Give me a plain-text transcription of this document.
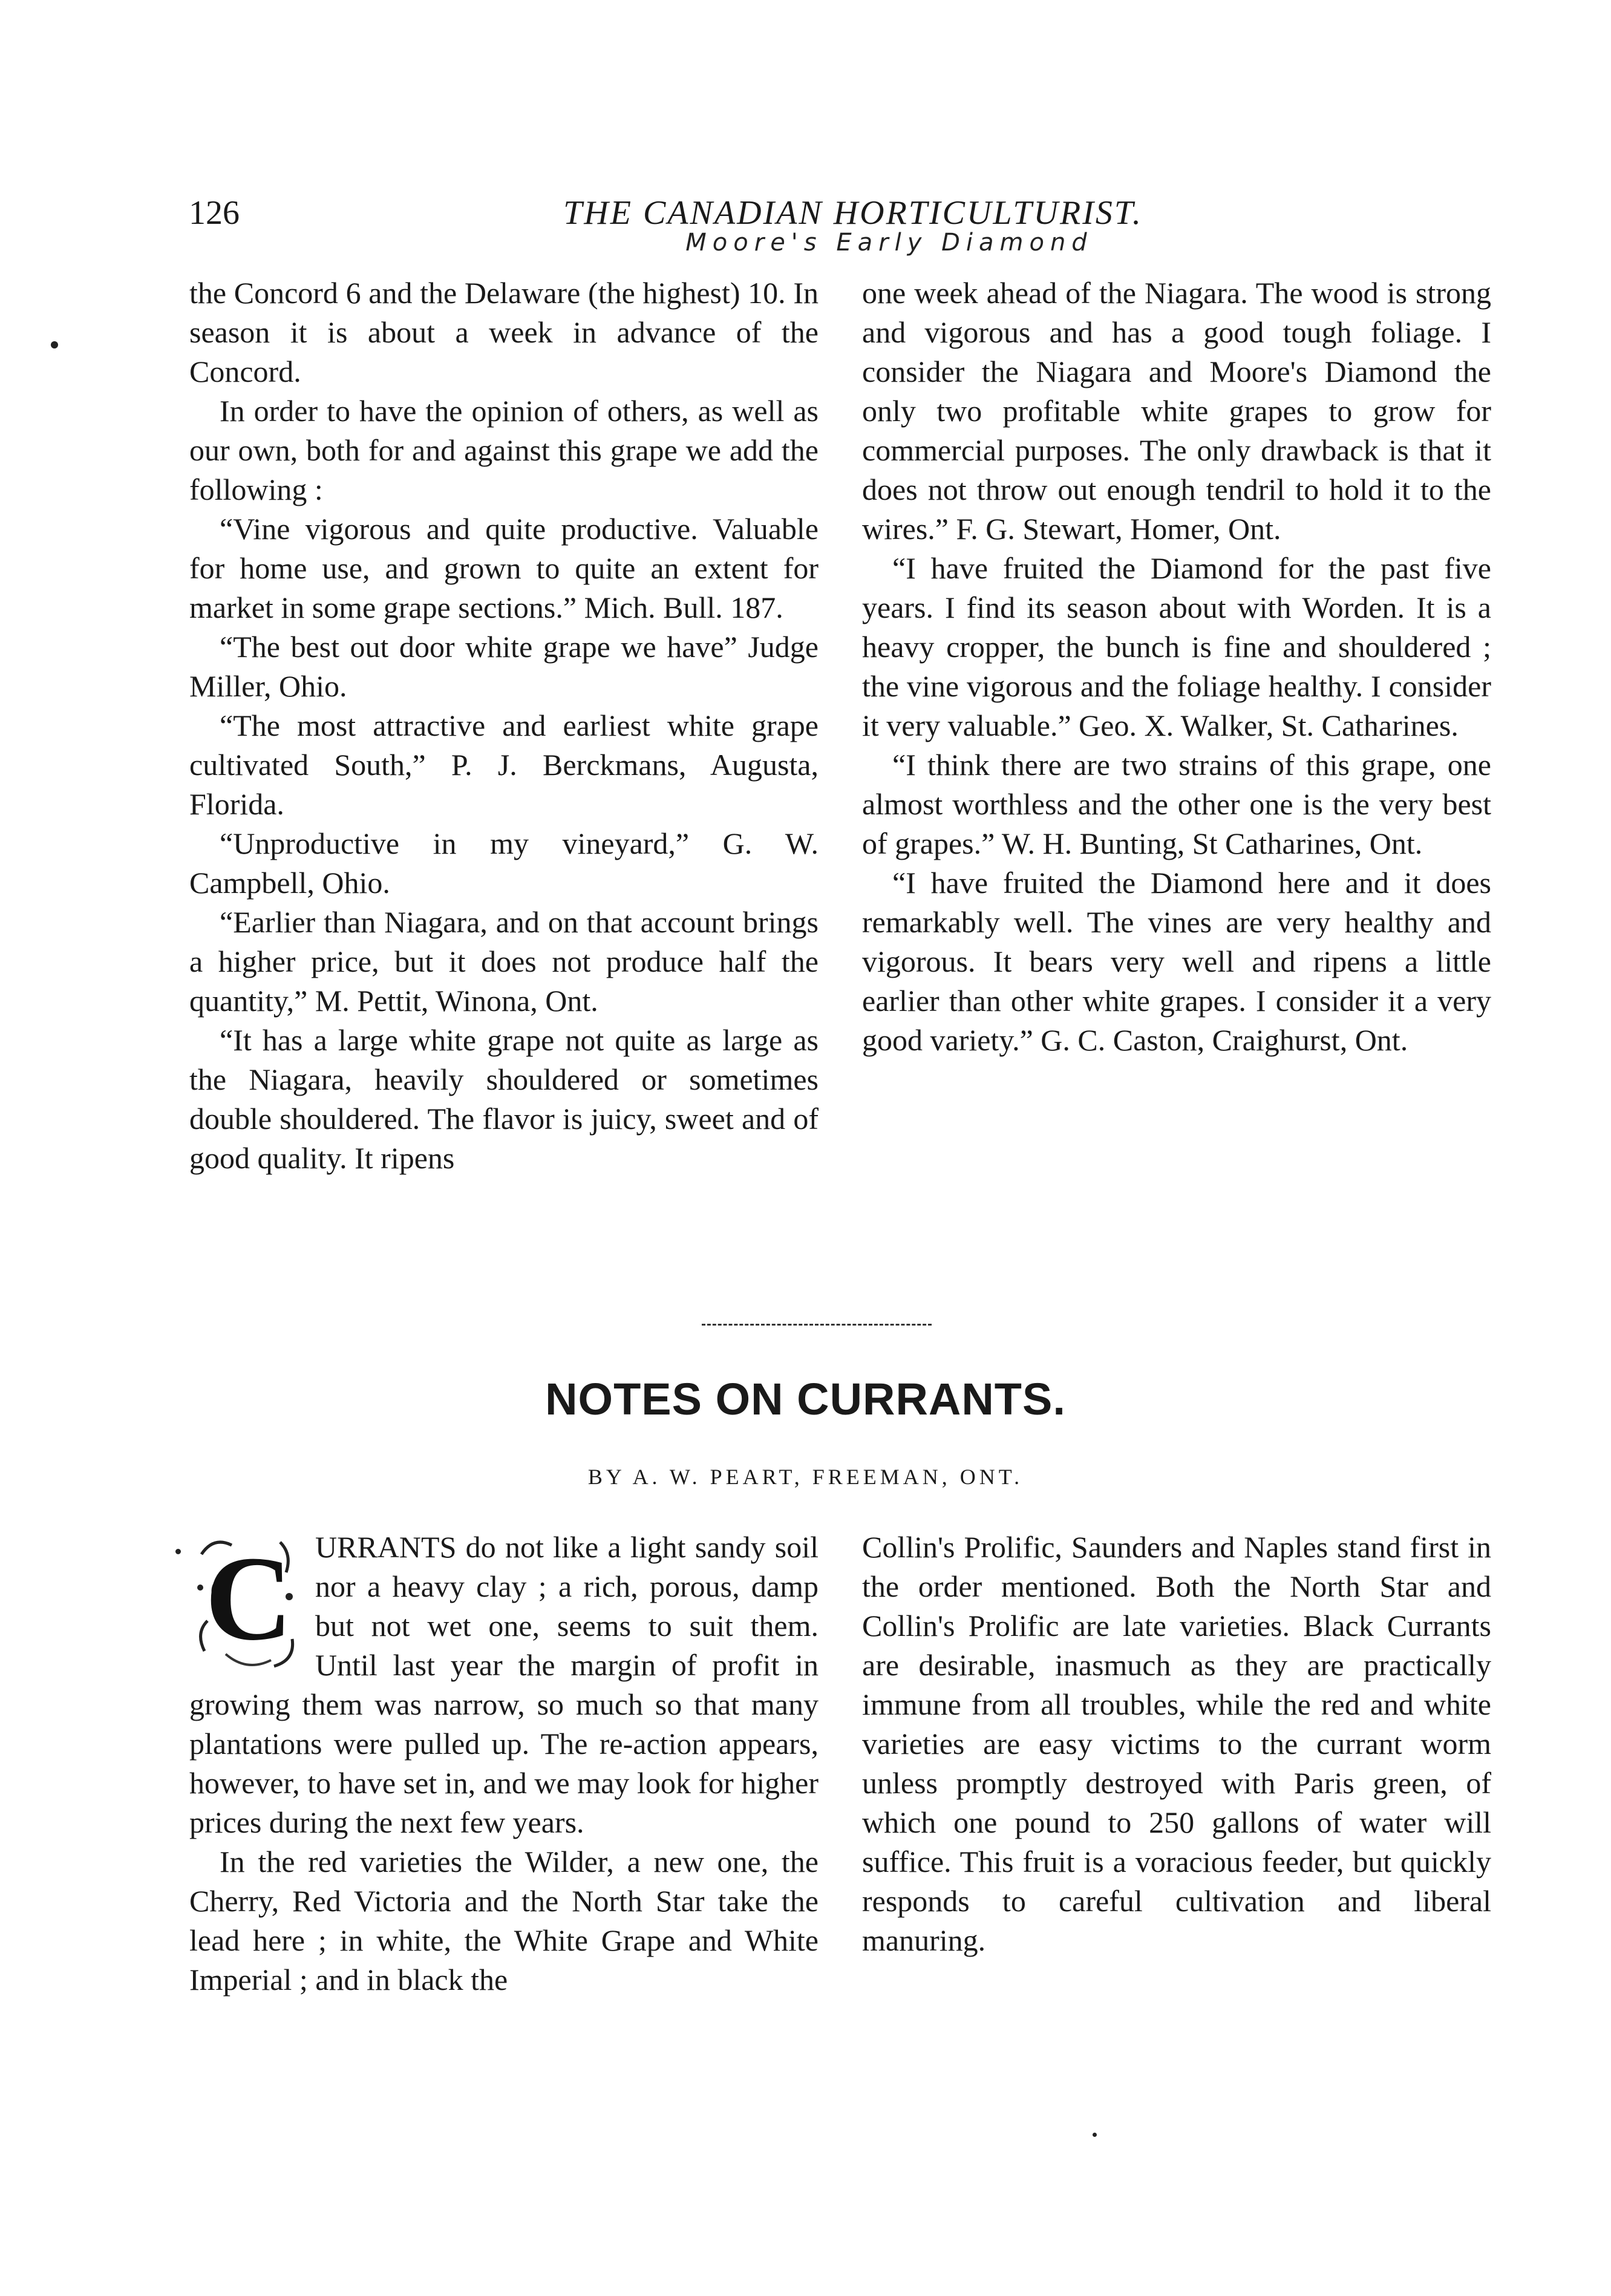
126	THE CANADIAN HORTICULTURIST.
Moore's Early Diamond

the Concord 6 and the Delaware (the highest) 10. In season it is about a week in advance of the Concord.

In order to have the opinion of others, as well as our own, both for and against this grape we add the following :

“Vine vigorous and quite productive. Valuable for home use, and grown to quite an extent for market in some grape sections.” Mich. Bull. 187.

“The best out door white grape we have” Judge Miller, Ohio.

“The most attractive and earliest white grape cultivated South,” P. J. Berckmans, Augusta, Florida.

“Unproductive in my vineyard,” G. W. Campbell, Ohio.

“Earlier than Niagara, and on that account brings a higher price, but it does not produce half the quantity,” M. Pettit, Winona, Ont.

“It has a large white grape not quite as large as the Niagara, heavily shouldered or sometimes double shouldered. The flavor is juicy, sweet and of good quality. It ripens

one week ahead of the Niagara. The wood is strong and vigorous and has a good tough foliage. I consider the Niagara and Moore's Diamond the only two profitable white grapes to grow for commercial purposes. The only drawback is that it does not throw out enough tendril to hold it to the wires.” F. G. Stewart, Homer, Ont.

“I have fruited the Diamond for the past five years. I find its season about with Worden. It is a heavy cropper, the bunch is fine and shouldered ; the vine vigorous and the foliage healthy. I consider it very valuable.” Geo. X. Walker, St. Catharines.

“I think there are two strains of this grape, one almost worthless and the other one is the very best of grapes.” W. H. Bunting, St Catharines, Ont.

“I have fruited the Diamond here and it does remarkably well. The vines are very healthy and vigorous. It bears very well and ripens a little earlier than other white grapes. I consider it a very good variety.” G. C. Caston, Craighurst, Ont.

NOTES ON CURRANTS.
BY A. W. PEART, FREEMAN, ONT.

C URRANTS do not like a light sandy soil nor a heavy clay ; a rich, porous, damp but not wet one, seems to suit them. Until last year the margin of profit in growing them was narrow, so much so that many plantations were pulled up. The re-action appears, however, to have set in, and we may look for higher prices during the next few years.

In the red varieties the Wilder, a new one, the Cherry, Red Victoria and the North Star take the lead here ; in white, the White Grape and White Imperial ; and in black the

Collin's Prolific, Saunders and Naples stand first in the order mentioned. Both the North Star and Collin's Prolific are late varieties. Black Currants are desirable, inasmuch as they are practically immune from all troubles, while the red and white varieties are easy victims to the currant worm unless promptly destroyed with Paris green, of which one pound to 250 gallons of water will suffice. This fruit is a voracious feeder, but quickly responds to careful cultivation and liberal manuring.
